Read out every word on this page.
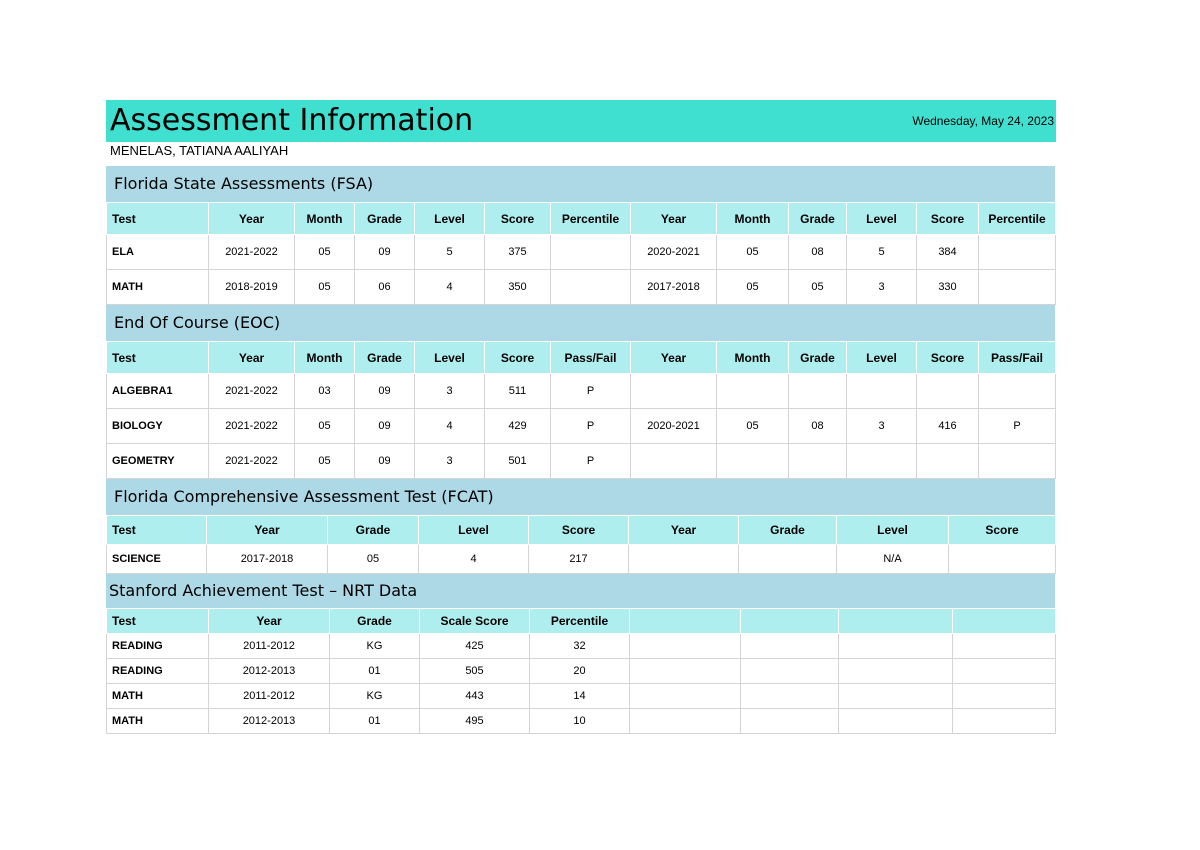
Assessment Information	Wednesday, May 24, 2023
MENELAS, TATIANA AALIYAH
Florida State Assessments (FSA)
Test	Year	Month	Grade	Level	Score	Percentile	Year	Month	Grade	Level	Score	Percentile
ELA	2021-2022	05	09	5	375		2020-2021	05	08	5	384	
MATH	2018-2019	05	06	4	350		2017-2018	05	05	3	330	
End Of Course (EOC)
Test	Year	Month	Grade	Level	Score	Pass/Fail	Year	Month	Grade	Level	Score	Pass/Fail
ALGEBRA1	2021-2022	03	09	3	511	P						
BIOLOGY	2021-2022	05	09	4	429	P	2020-2021	05	08	3	416	P
GEOMETRY	2021-2022	05	09	3	501	P						
Florida Comprehensive Assessment Test (FCAT)
Test	Year	Grade	Level	Score	Year	Grade	Level	Score
SCIENCE	2017-2018	05	4	217			N/A	
Stanford Achievement Test – NRT Data
Test	Year	Grade	Scale Score	Percentile				
READING	2011-2012	KG	425	32				
READING	2012-2013	01	505	20				
MATH	2011-2012	KG	443	14				
MATH	2012-2013	01	495	10				
